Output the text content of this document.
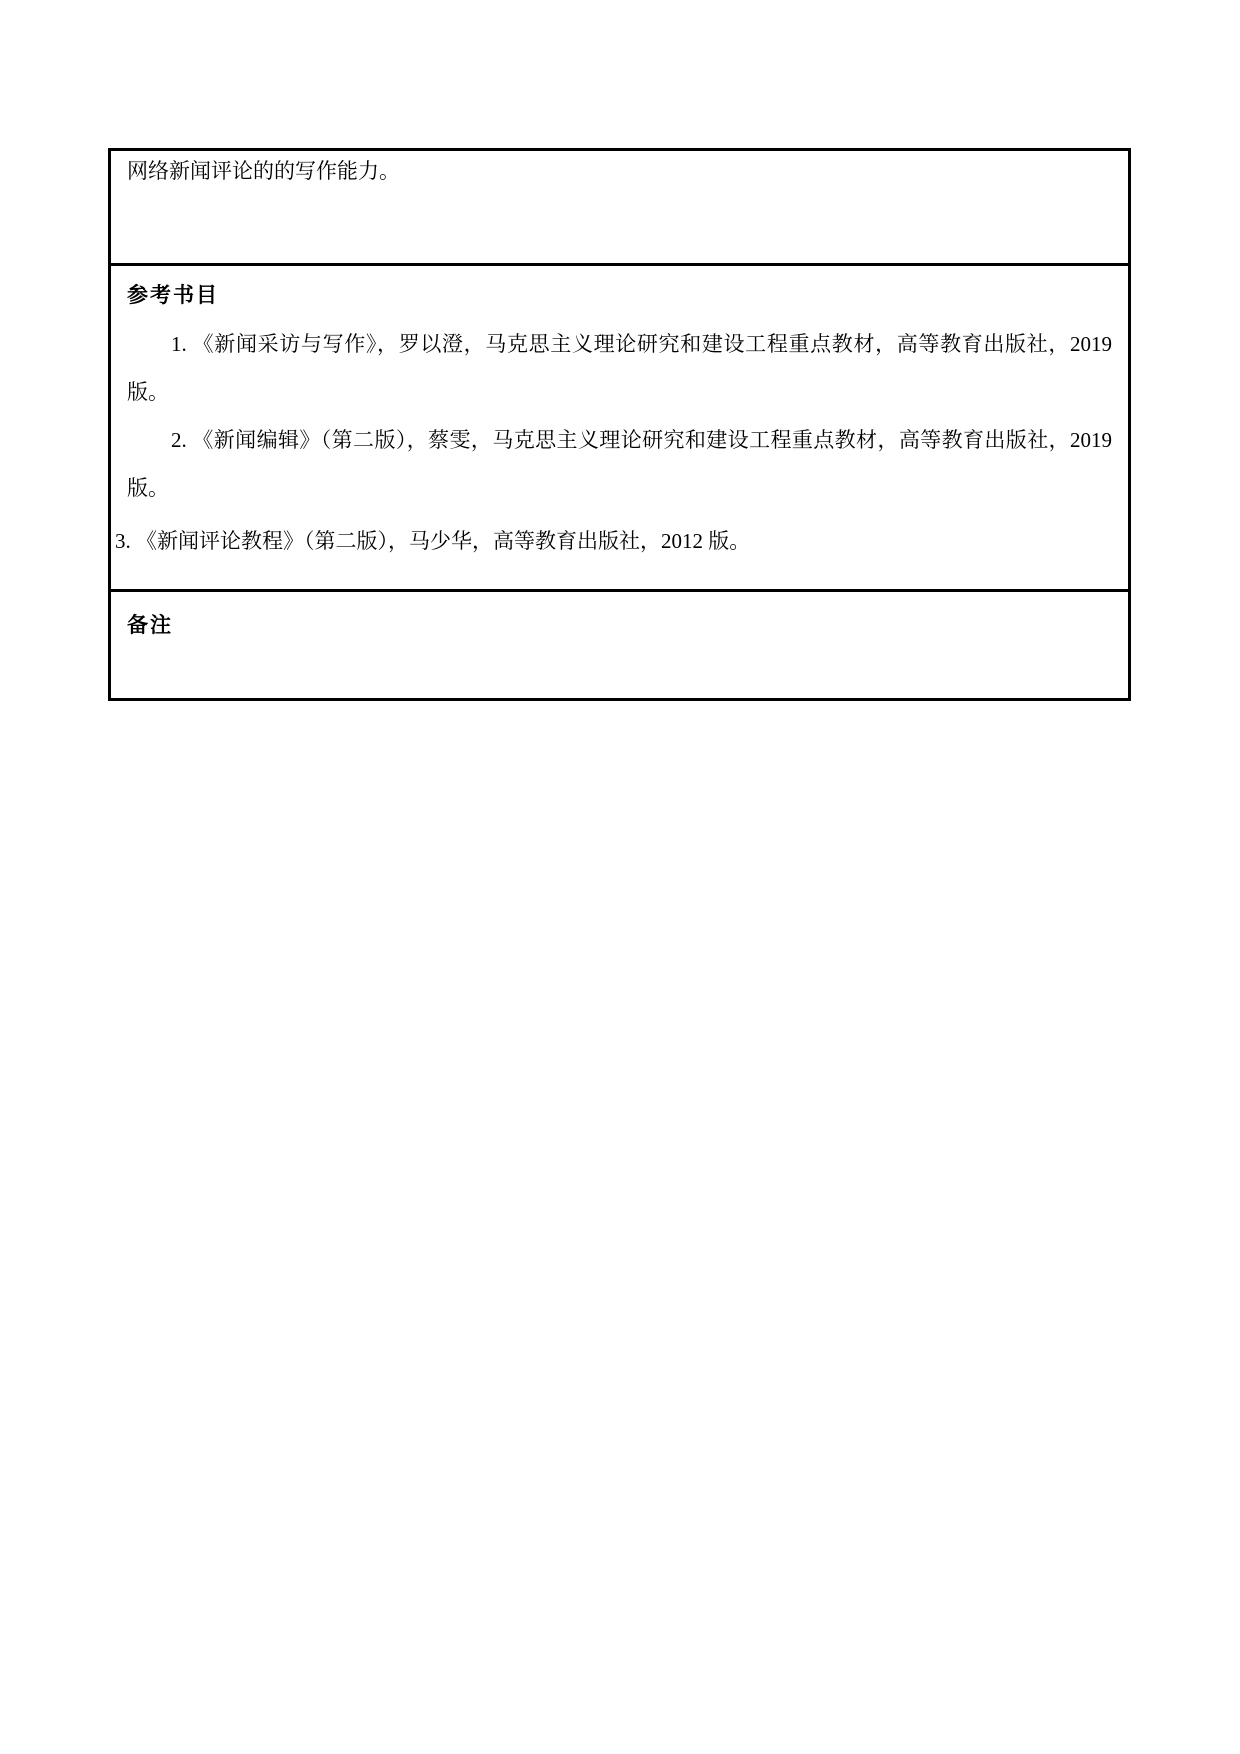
网络新闻评论的的写作能力。

参考书目

1. 《新闻采访与写作》，罗以澄，马克思主义理论研究和建设工程重点教材，高等教育出版社，2019 版。

2. 《新闻编辑》（第二版），蔡雯，马克思主义理论研究和建设工程重点教材，高等教育出版社，2019 版。

3. 《新闻评论教程》（第二版），马少华，高等教育出版社，2012 版。

备注
